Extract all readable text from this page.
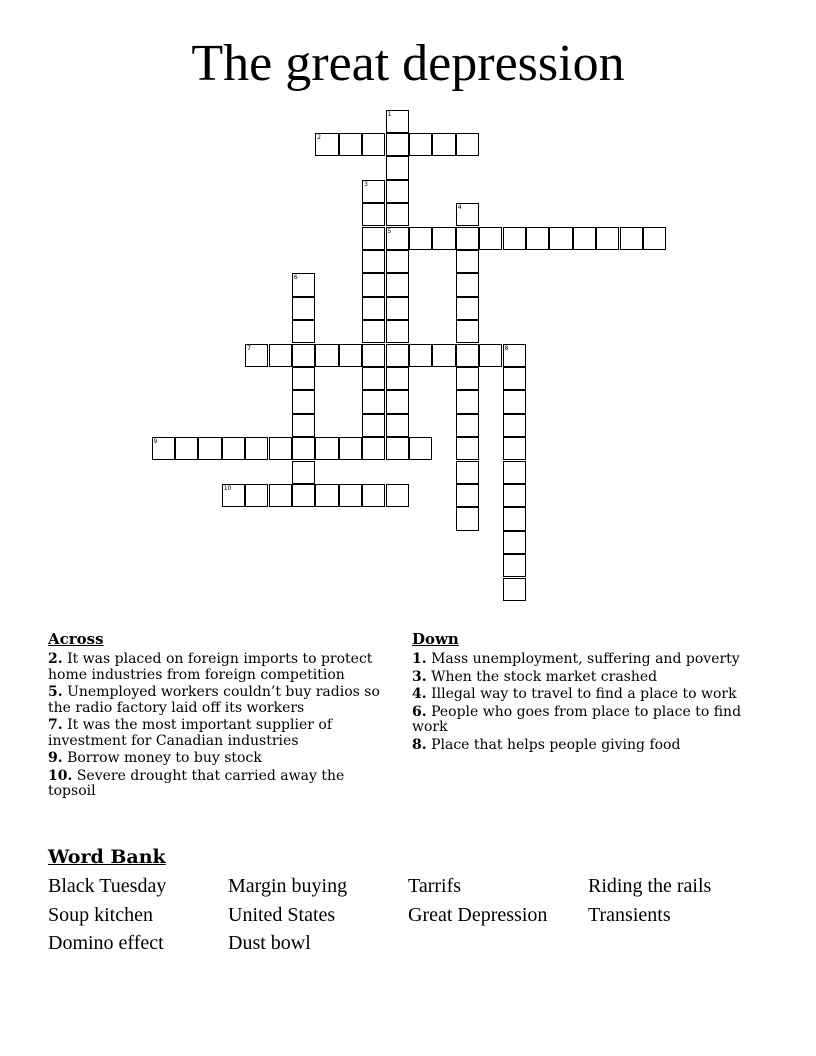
The great depression
1
5
2
3
4
6
7	8
9
10
Across
2. It was placed on foreign imports to protect home industries from foreign competition
5. Unemployed workers couldn’t buy radios so the radio factory laid off its workers
7. It was the most important supplier of investment for Canadian industries
9. Borrow money to buy stock
10. Severe drought that carried away the topsoil
Down
1. Mass unemployment, suffering and poverty
3. When the stock market crashed
4. Illegal way to travel to find a place to work
6. People who goes from place to place to find work
8. Place that helps people giving food
Word Bank
Black Tuesday	Margin buying	Tarrifs	Riding the rails
Soup kitchen	United States	Great Depression	Transients
Domino effect	Dust bowl
